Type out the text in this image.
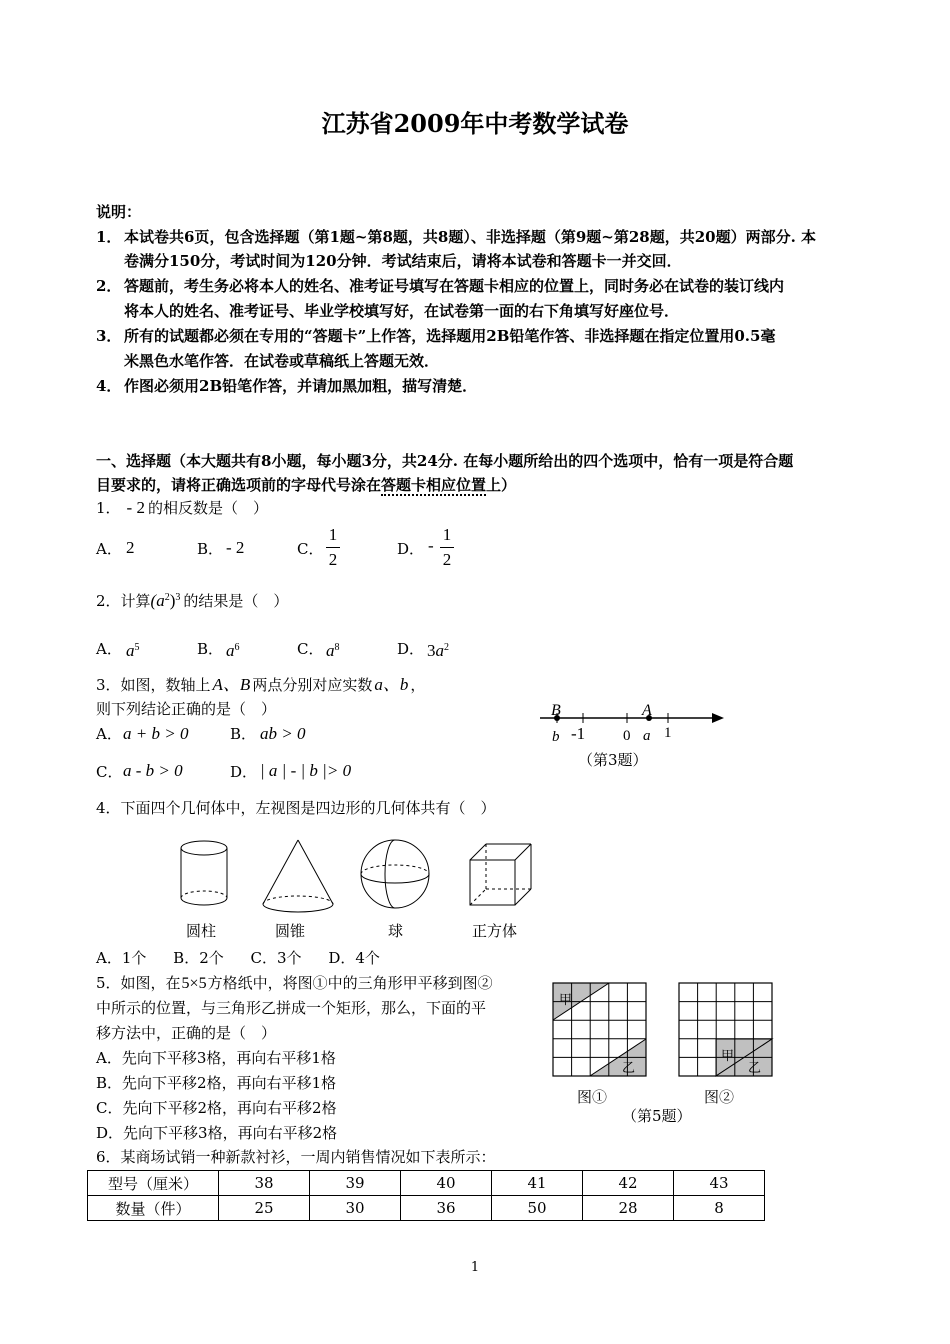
江苏省2009年中考数学试卷
说明：
1． 本试卷共6页，包含选择题（第1题~第8题，共8题）、非选择题（第9题~第28题，共20题）两部分. 本
卷满分150分，考试时间为120分钟．考试结束后，请将本试卷和答题卡一并交回．
2． 答题前，考生务必将本人的姓名、准考证号填写在答题卡相应的位置上，同时务必在试卷的装订线内
将本人的姓名、准考证号、毕业学校填写好，在试卷第一面的右下角填写好座位号．
3． 所有的试题都必须在专用的“答题卡”上作答，选择题用2B铅笔作答、非选择题在指定位置用0.5毫
米黑色水笔作答．在试卷或草稿纸上答题无效．
4． 作图必须用2B铅笔作答，并请加黑加粗，描写清楚．
一、选择题（本大题共有8小题，每小题3分，共24分. 在每小题所给出的四个选项中，恰有一项是符合题
目要求的，请将正确选项前的字母代号涂在答题卡相应位置上）
1． - 2 的相反数是（　）
A． 2	B． - 2	C．
1
2
D． -
1
2
2．计算$(a^2)^3$ 的结果是（　）
A． $a^5$	B． $a^6$	C． $a^8$	D． $3a^2$
3．如图，数轴上 A、B 两点分别对应实数 a、b ，
则下列结论正确的是（　）
A． a + b > 0	B． ab > 0
C． a - b > 0	D． | a | - | b |> 0
B	A
b -1	0 a 1
（第3题）
4．下面四个几何体中，左视图是四边形的几何体共有（　）
圆柱	圆锥	球	正方体
A．1个 B．2个 C．3个 D．4个
5．如图，在5×5方格纸中，将图①中的三角形甲平移到图②
中所示的位置，与三角形乙拼成一个矩形，那么，下面的平
移方法中，正确的是（　）
A．先向下平移3格，再向右平移1格
B．先向下平移2格，再向右平移1格
C．先向下平移2格，再向右平移2格
D．先向下平移3格，再向右平移2格
甲
乙
甲
乙
图①	图②
（第5题）
6．某商场试销一种新款衬衫，一周内销售情况如下表所示：
型号（厘米）	38	39	40	41	42	43
数量（件）	25	30	36	50	28	8
1
